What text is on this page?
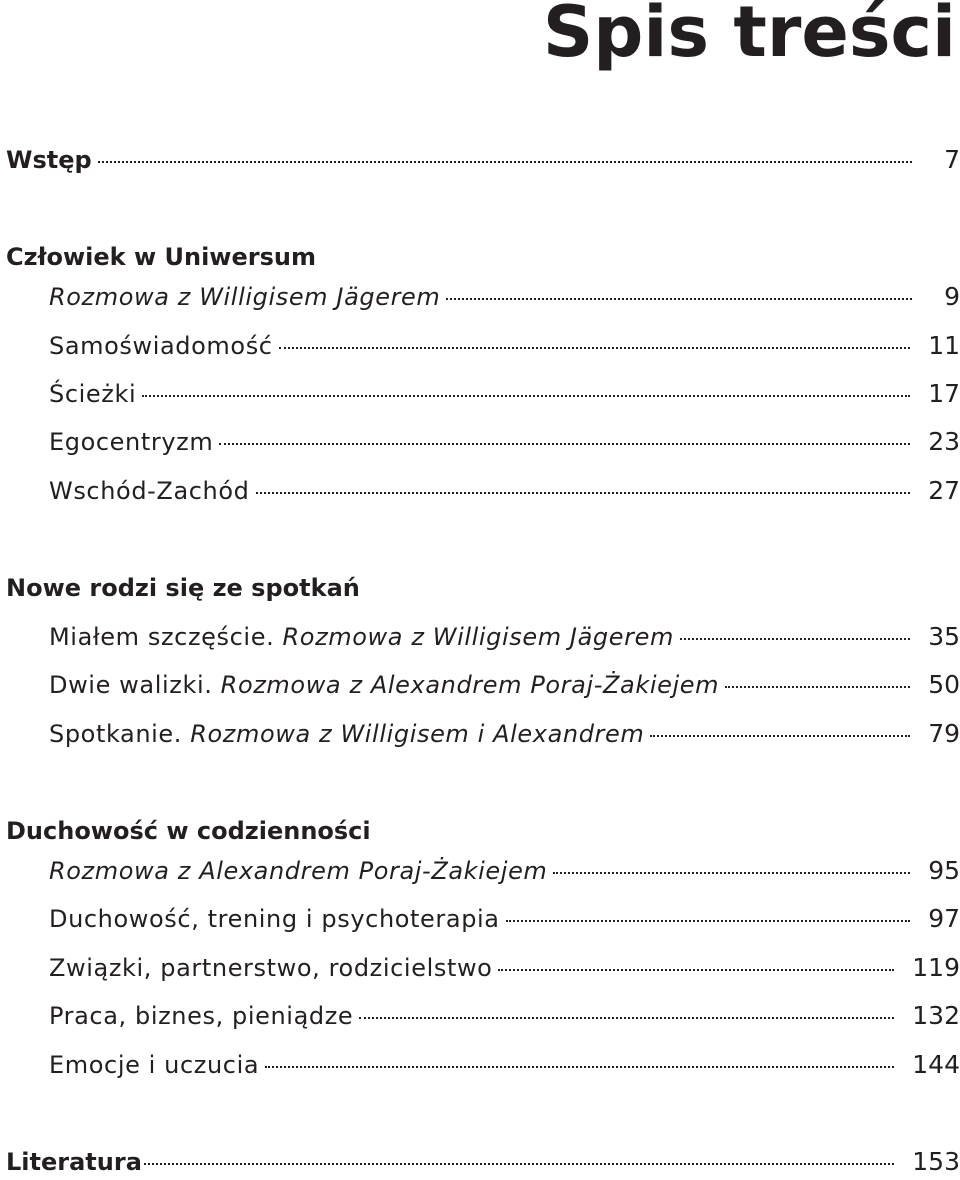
Spis treści
Wstęp	7
Człowiek w Uniwersum
Rozmowa z Willigisem Jägerem	9
Samoświadomość	11
Ścieżki	17
Egocentryzm	23
Wschód-Zachód	27
Nowe rodzi się ze spotkań
Miałem szczęście. Rozmowa z Willigisem Jägerem	35
Dwie walizki. Rozmowa z Alexandrem Poraj-Żakiejem	50
Spotkanie. Rozmowa z Willigisem i Alexandrem	79
Duchowość w codzienności
Rozmowa z Alexandrem Poraj-Żakiejem	95
Duchowość, trening i psychoterapia	97
Związki, partnerstwo, rodzicielstwo	119
Praca, biznes, pieniądze	132
Emocje i uczucia	144
Literatura	153
